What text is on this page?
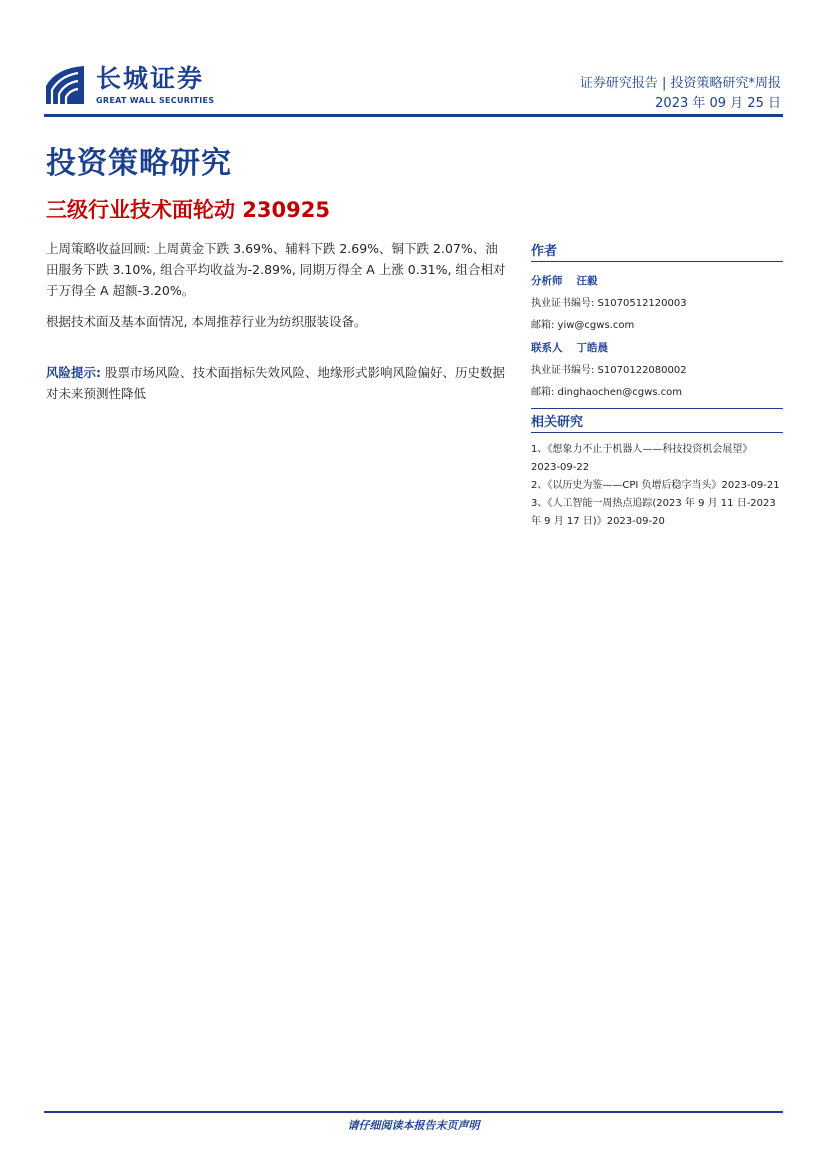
长城证券
GREAT WALL SECURITIES
证券研究报告 | 投资策略研究*周报
2023 年 09 月 25 日
投资策略研究
三级行业技术面轮动 230925

上周策略收益回顾: 上周黄金下跌 3.69%、辅料下跌 2.69%、铜下跌 2.07%、油田服务下跌 3.10%, 组合平均收益为-2.89%, 同期万得全 A 上涨 0.31%, 组合相对于万得全 A 超额-3.20%。

根据技术面及基本面情况, 本周推荐行业为纺织服装设备。

风险提示: 股票市场风险、技术面指标失效风险、地缘形式影响风险偏好、历史数据对未来预测性降低

作者
分析师 汪毅
执业证书编号: S1070512120003
邮箱: yiw@cgws.com
联系人 丁皓晨
执业证书编号: S1070122080002
邮箱: dinghaochen@cgws.com
相关研究
1、《想象力不止于机器人——科技投资机会展望》
2023-09-22
2、《以历史为鉴——CPI 负增后稳字当头》2023-09-21
3、《人工智能一周热点追踪(2023 年 9 月 11 日-2023
年 9 月 17 日)》2023-09-20
请仔细阅读本报告末页声明
